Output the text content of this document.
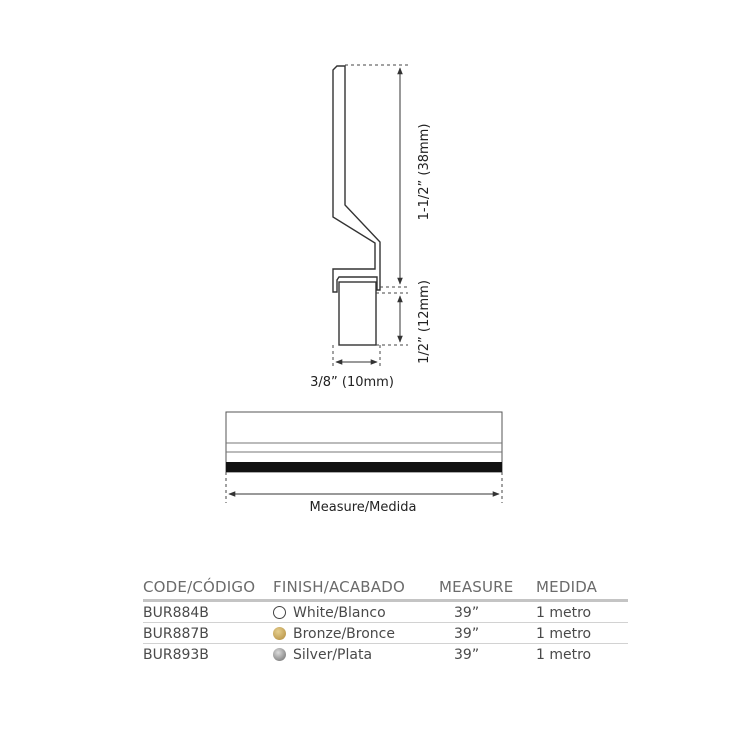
1-1/2” (38mm)
1/2” (12mm)
3/8” (10mm)
Measure/Medida
CODE/CÓDIGO	FINISH/ACABADO	MEASURE	MEDIDA
BUR884B	White/Blanco	39”	1 metro
BUR887B	Bronze/Bronce	39”	1 metro
BUR893B	Silver/Plata	39”	1 metro
